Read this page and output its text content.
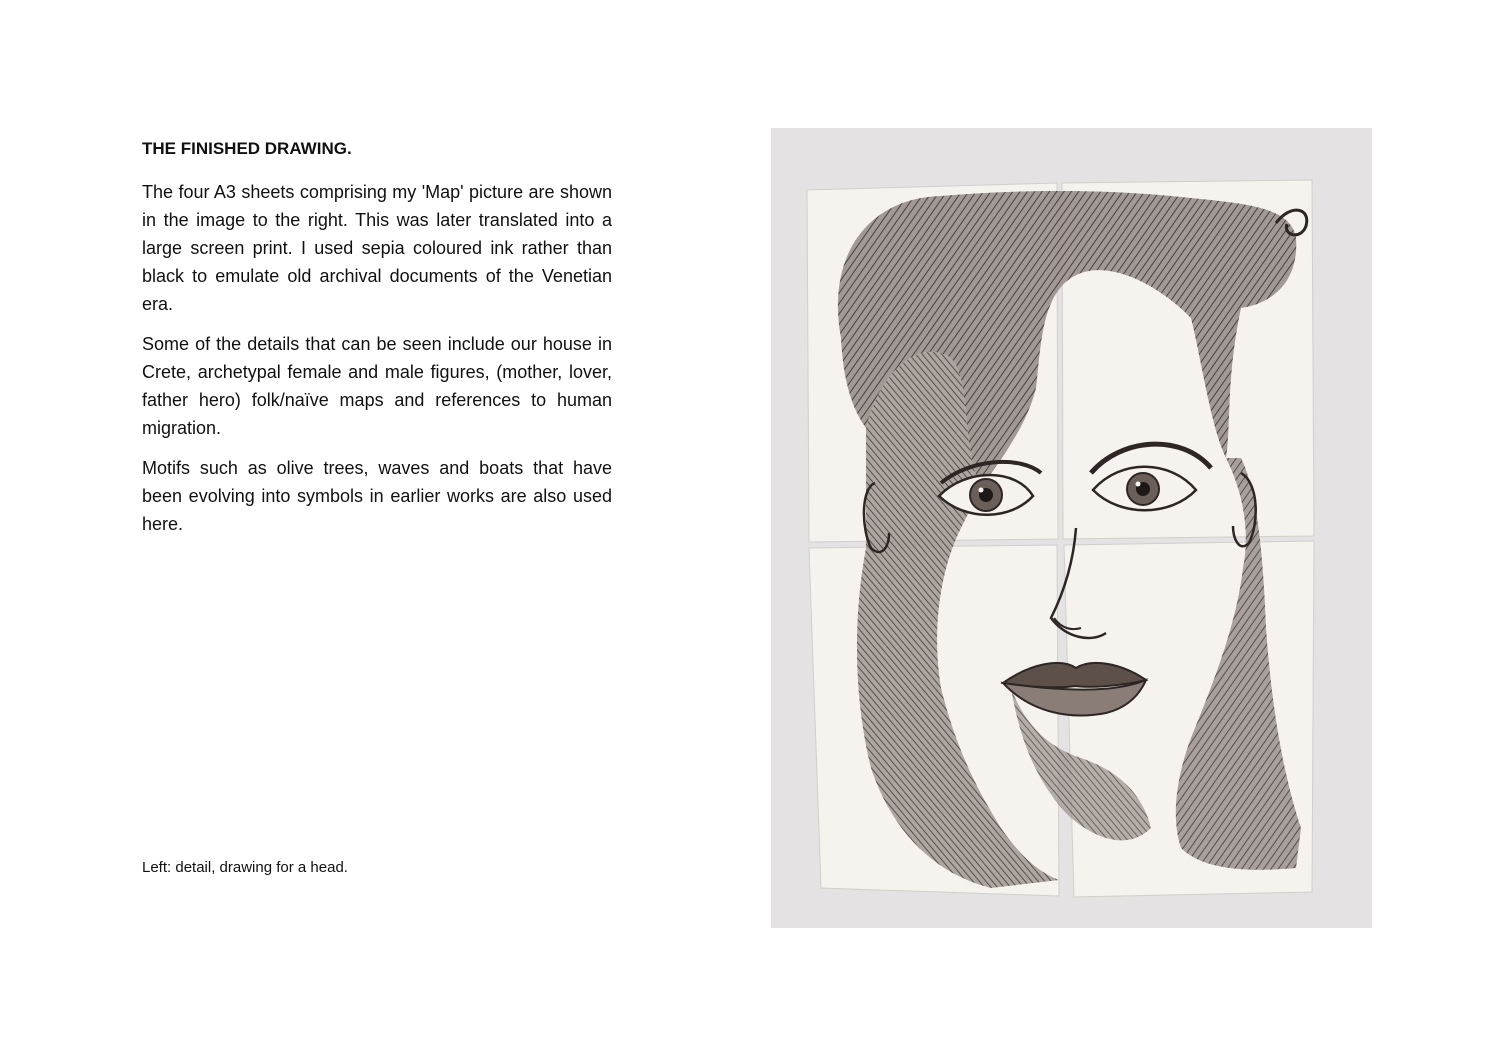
THE FINISHED DRAWING.

The four A3 sheets comprising my 'Map' picture are shown in the image to the right. This was later translated into a large screen print. I used sepia coloured ink rather than black to emulate old archival documents of the Venetian era.

Some of the details that can be seen include our house in Crete, archetypal female and male figures, (mother, lover, father hero) folk/naïve maps and references to human migration.

Motifs such as olive trees, waves and boats that have been evolving into symbols in earlier works are also used here.

Left: detail, drawing for a head.
